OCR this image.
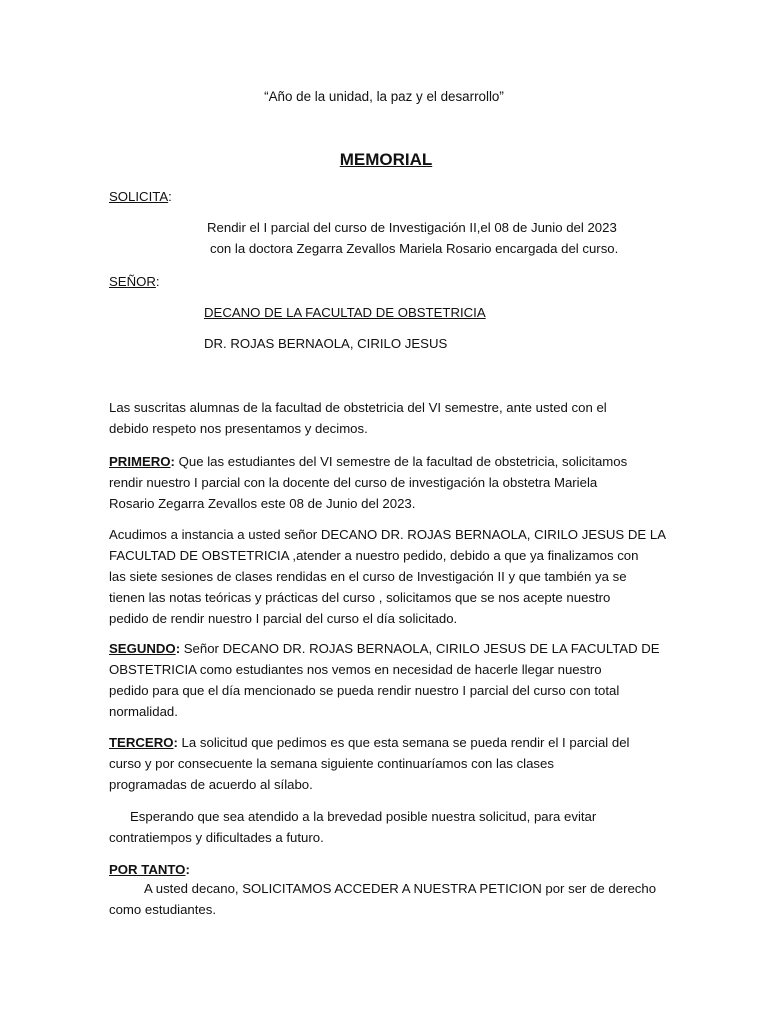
“Año de la unidad, la paz y el desarrollo”
MEMORIAL
SOLICITA:
Rendir el I parcial del curso de Investigación II,el 08 de Junio del 2023
con la doctora Zegarra Zevallos Mariela Rosario encargada del curso.
SEÑOR:
DECANO DE LA FACULTAD DE OBSTETRICIA
DR. ROJAS BERNAOLA, CIRILO JESUS
Las suscritas alumnas de la facultad de obstetricia del VI semestre, ante usted con el
debido respeto nos presentamos y decimos.
PRIMERO: Que las estudiantes del VI semestre de la facultad de obstetricia, solicitamos
rendir nuestro I parcial con la docente del curso de investigación la obstetra Mariela
Rosario Zegarra Zevallos este 08 de Junio del 2023.
Acudimos a instancia a usted señor DECANO DR. ROJAS BERNAOLA, CIRILO JESUS DE LA
FACULTAD DE OBSTETRICIA ,atender a nuestro pedido, debido a que ya finalizamos con
las siete sesiones de clases rendidas en el curso de Investigación II y que también ya se
tienen las notas teóricas y prácticas del curso , solicitamos que se nos acepte nuestro
pedido de rendir nuestro I parcial del curso el día solicitado.
SEGUNDO: Señor DECANO DR. ROJAS BERNAOLA, CIRILO JESUS DE LA FACULTAD DE
OBSTETRICIA como estudiantes nos vemos en necesidad de hacerle llegar nuestro
pedido para que el día mencionado se pueda rendir nuestro I parcial del curso con total
normalidad.
TERCERO: La solicitud que pedimos es que esta semana se pueda rendir el I parcial del
curso y por consecuente la semana siguiente continuaríamos con las clases
programadas de acuerdo al sílabo.
Esperando que sea atendido a la brevedad posible nuestra solicitud, para evitar
contratiempos y dificultades a futuro.
POR TANTO:
A usted decano, SOLICITAMOS ACCEDER A NUESTRA PETICION por ser de derecho
como estudiantes.
